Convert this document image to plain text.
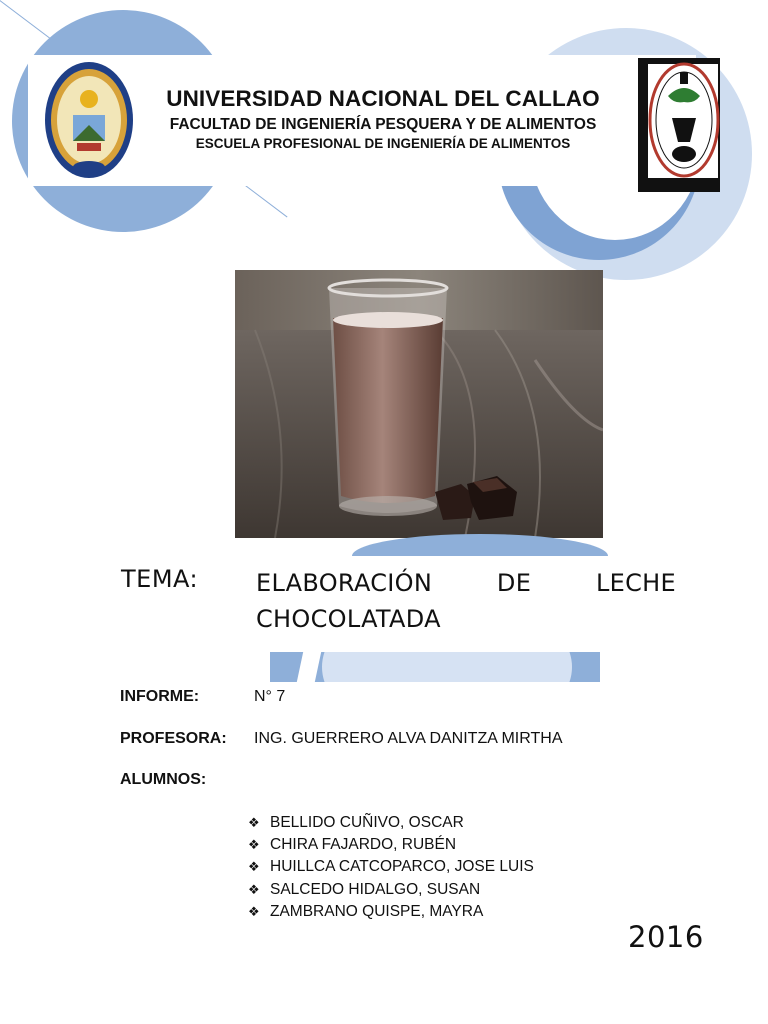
UNIVERSIDAD NACIONAL DEL CALLAO

FACULTAD DE INGENIERÍA PESQUERA Y DE ALIMENTOS

ESCUELA PROFESIONAL DE INGENIERÍA DE ALIMENTOS

TEMA: ELABORACIÓN	DE	LECHE
CHOCOLATADA
INFORME:	N° 7
PROFESORA: ING. GUERRERO ALVA DANITZA MIRTHA
ALUMNOS:
❖ BELLIDO CUÑIVO, OSCAR
❖ CHIRA FAJARDO, RUBÉN
❖ HUILLCA CATCOPARCO, JOSE LUIS
❖ SALCEDO HIDALGO, SUSAN
❖ ZAMBRANO QUISPE, MAYRA
2016
